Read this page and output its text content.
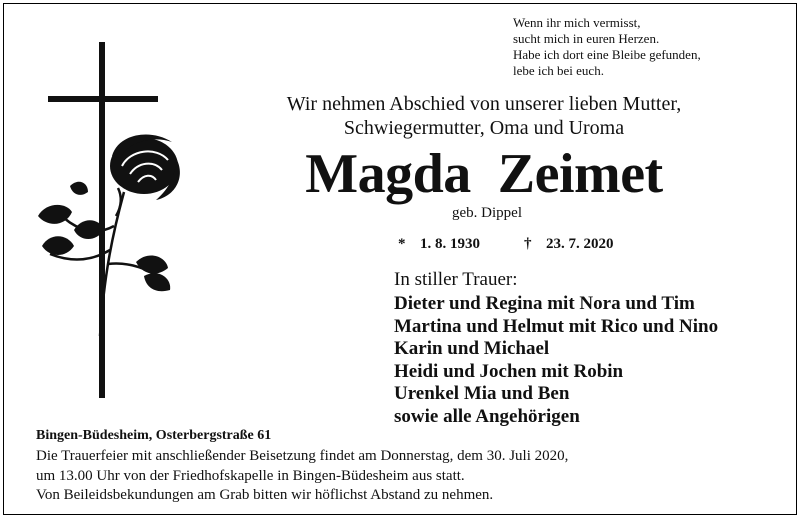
Wenn ihr mich vermisst,
sucht mich in euren Herzen.
Habe ich dort eine Bleibe gefunden,
lebe ich bei euch.
Wir nehmen Abschied von unserer lieben Mutter,
Schwiegermutter, Oma und Uroma
Magda  Zeimet
geb. Dippel
* 1. 8. 1930	† 23. 7. 2020
In stiller Trauer:
Dieter und Regina mit Nora und Tim
Martina und Helmut mit Rico und Nino
Karin und Michael
Heidi und Jochen mit Robin
Urenkel Mia und Ben
sowie alle Angehörigen
Bingen-Büdesheim, Osterbergstraße 61
Die Trauerfeier mit anschließender Beisetzung findet am Donnerstag, dem 30. Juli 2020,
um 13.00 Uhr von der Friedhofskapelle in Bingen-Büdesheim aus statt.
Von Beileidsbekundungen am Grab bitten wir höflichst Abstand zu nehmen.
